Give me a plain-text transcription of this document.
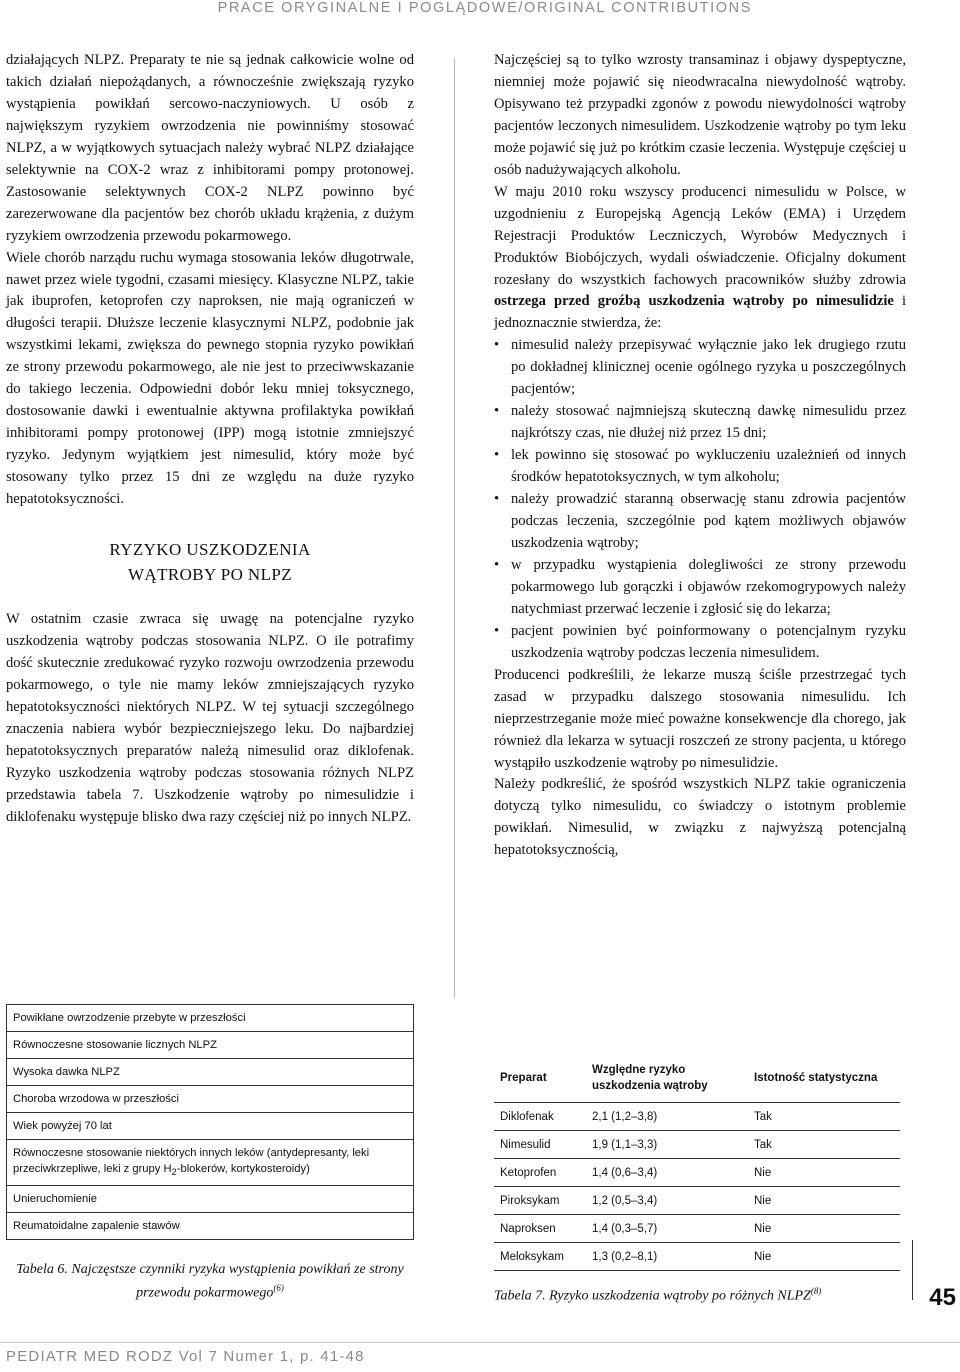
PRACE ORYGINALNE I POGLĄDOWE/ORIGINAL CONTRIBUTIONS

działających NLPZ. Preparaty te nie są jednak całkowicie wolne od takich działań niepożądanych, a równocześnie zwiększają ryzyko wystąpienia powikłań sercowo-naczyniowych. U osób z największym ryzykiem owrzodzenia nie powinniśmy stosować NLPZ, a w wyjątkowych sytuacjach należy wybrać NLPZ działające selektywnie na COX-2 wraz z inhibitorami pompy protonowej. Zastosowanie selektywnych COX-2 NLPZ powinno być zarezerwowane dla pacjentów bez chorób układu krążenia, z dużym ryzykiem owrzodzenia przewodu pokarmowego.

Wiele chorób narządu ruchu wymaga stosowania leków długotrwale, nawet przez wiele tygodni, czasami miesięcy. Klasyczne NLPZ, takie jak ibuprofen, ketoprofen czy naproksen, nie mają ograniczeń w długości terapii. Dłuższe leczenie klasycznymi NLPZ, podobnie jak wszystkimi lekami, zwiększa do pewnego stopnia ryzyko powikłań ze strony przewodu pokarmowego, ale nie jest to przeciwwskazanie do takiego leczenia. Odpowiedni dobór leku mniej toksycznego, dostosowanie dawki i ewentualnie aktywna profilaktyka powikłań inhibitorami pompy protonowej (IPP) mogą istotnie zmniejszyć ryzyko. Jedynym wyjątkiem jest nimesulid, który może być stosowany tylko przez 15 dni ze względu na duże ryzyko hepatotoksyczności.

RYZYKO USZKODZENIA
WĄTROBY PO NLPZ

W ostatnim czasie zwraca się uwagę na potencjalne ryzyko uszkodzenia wątroby podczas stosowania NLPZ. O ile potrafimy dość skutecznie zredukować ryzyko rozwoju owrzodzenia przewodu pokarmowego, o tyle nie mamy leków zmniejszających ryzyko hepatotoksyczności niektórych NLPZ. W tej sytuacji szczególnego znaczenia nabiera wybór bezpieczniejszego leku. Do najbardziej hepatotoksycznych preparatów należą nimesulid oraz diklofenak. Ryzyko uszkodzenia wątroby podczas stosowania różnych NLPZ przedstawia tabela 7. Uszkodzenie wątroby po nimesulidzie i diklofenaku występuje blisko dwa razy częściej niż po innych NLPZ.

Najczęściej są to tylko wzrosty transaminaz i objawy dyspeptyczne, niemniej może pojawić się nieodwracalna niewydolność wątroby. Opisywano też przypadki zgonów z powodu niewydolności wątroby pacjentów leczonych nimesulidem. Uszkodzenie wątroby po tym leku może pojawić się już po krótkim czasie leczenia. Występuje częściej u osób nadużywających alkoholu.

W maju 2010 roku wszyscy producenci nimesulidu w Polsce, w uzgodnieniu z Europejską Agencją Leków (EMA) i Urzędem Rejestracji Produktów Leczniczych, Wyrobów Medycznych i Produktów Biobójczych, wydali oświadczenie. Oficjalny dokument rozesłany do wszystkich fachowych pracowników służby zdrowia ostrzega przed groźbą uszkodzenia wątroby po nimesulidzie i jednoznacznie stwierdza, że:

• nimesulid należy przepisywać wyłącznie jako lek drugiego rzutu po dokładnej klinicznej ocenie ogólnego ryzyka u poszczególnych pacjentów;
• należy stosować najmniejszą skuteczną dawkę nimesulidu przez najkrótszy czas, nie dłużej niż przez 15 dni;
• lek powinno się stosować po wykluczeniu uzależnień od innych środków hepatotoksycznych, w tym alkoholu;
• należy prowadzić staranną obserwację stanu zdrowia pacjentów podczas leczenia, szczególnie pod kątem możliwych objawów uszkodzenia wątroby;
• w przypadku wystąpienia dolegliwości ze strony przewodu pokarmowego lub gorączki i objawów rzekomogrypowych należy natychmiast przerwać leczenie i zgłosić się do lekarza;
• pacjent powinien być poinformowany o potencjalnym ryzyku uszkodzenia wątroby podczas leczenia nimesulidem.

Producenci podkreślili, że lekarze muszą ściśle przestrzegać tych zasad w przypadku dalszego stosowania nimesulidu. Ich nieprzestrzeganie może mieć poważne konsekwencje dla chorego, jak również dla lekarza w sytuacji roszczeń ze strony pacjenta, u którego wystąpiło uszkodzenie wątroby po nimesulidzie.

Należy podkreślić, że spośród wszystkich NLPZ takie ograniczenia dotyczą tylko nimesulidu, co świadczy o istotnym problemie powikłań. Nimesulid, w związku z najwyższą potencjalną hepatotoksycznością,

Powikłane owrzodzenie przebyte w przeszłości
Równoczesne stosowanie licznych NLPZ
Wysoka dawka NLPZ
Choroba wrzodowa w przeszłości
Wiek powyżej 70 lat
Równoczesne stosowanie niektórych innych leków (antydepresanty, leki przeciwkrzepliwe, leki z grupy $H_2$-blokerów, kortykosteroidy)
Unieruchomienie
Reumatoidalne zapalenie stawów
Tabela 6. Najczęstsze czynniki ryzyka wystąpienia powikłań ze strony przewodu pokarmowego$^{(6)}$
Preparat	Względne ryzyko uszkodzenia wątroby	Istotność statystyczna
Diklofenak	2,1 (1,2–3,8)	Tak
Nimesulid	1,9 (1,1–3,3)	Tak
Ketoprofen	1,4 (0,6–3,4)	Nie
Piroksykam	1,2 (0,5–3,4)	Nie
Naproksen	1,4 (0,3–5,7)	Nie
Meloksykam	1,3 (0,2–8,1)	Nie
Tabela 7. Ryzyko uszkodzenia wątroby po różnych NLPZ$^{(8)}$	45
PEDIATR MED RODZ Vol 7 Numer 1, p. 41-48
